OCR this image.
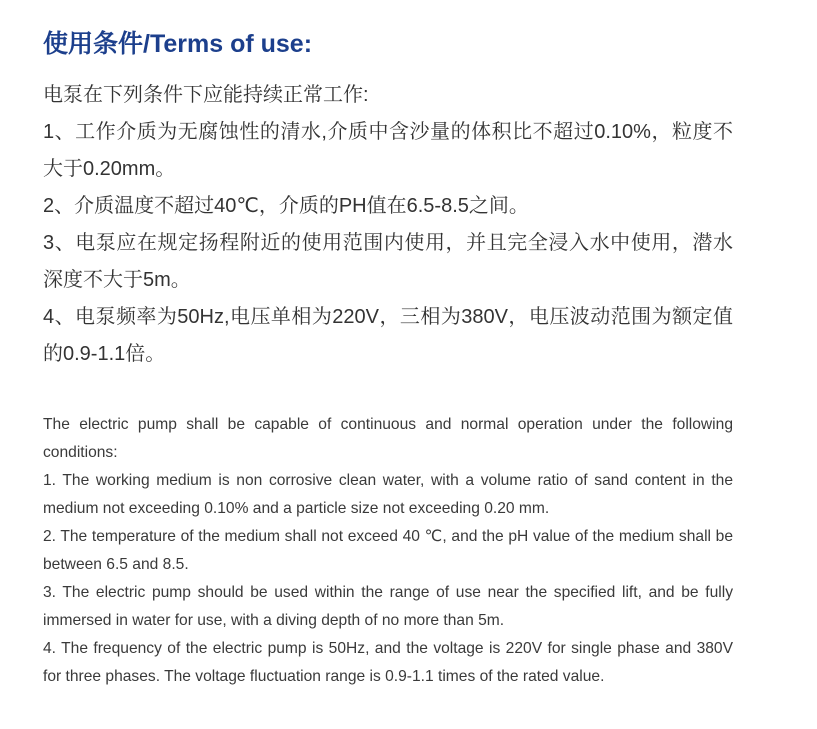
使用条件/Terms of use:
电泵在下列条件下应能持续正常工作:
1、工作介质为无腐蚀性的清水,介质中含沙量的体积比不超过0.10%，粒度不大于0.20mm。
2、介质温度不超过40℃，介质的PH值在6.5-8.5之间。
3、电泵应在规定扬程附近的使用范围内使用，并且完全浸入水中使用，潜水深度不大于5m。
4、电泵频率为50Hz,电压单相为220V，三相为380V，电压波动范围为额定值的0.9-1.1倍。
The electric pump shall be capable of continuous and normal operation under the following conditions:
1. The working medium is non corrosive clean water, with a volume ratio of sand content in the medium not exceeding 0.10% and a particle size not exceeding 0.20 mm.
2. The temperature of the medium shall not exceed 40 ℃, and the pH value of the medium shall be between 6.5 and 8.5.
3. The electric pump should be used within the range of use near the specified lift, and be fully immersed in water for use, with a diving depth of no more than 5m.
4. The frequency of the electric pump is 50Hz, and the voltage is 220V for single phase and 380V for three phases. The voltage fluctuation range is 0.9-1.1 times of the rated value.
